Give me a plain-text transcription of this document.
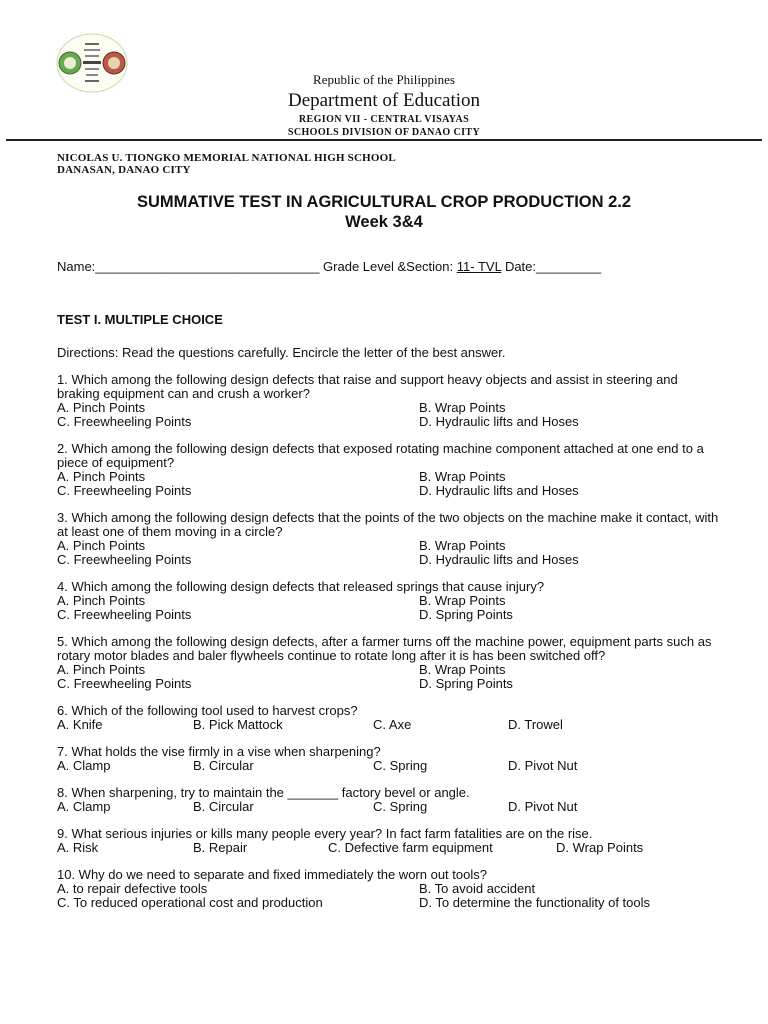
Republic of the Philippines
Department of Education
REGION VII - CENTRAL VISAYAS
SCHOOLS DIVISION OF DANAO CITY
NICOLAS U. TIONGKO MEMORIAL NATIONAL HIGH SCHOOL
DANASAN, DANAO CITY
SUMMATIVE TEST IN AGRICULTURAL CROP PRODUCTION 2.2
Week 3&4
Name:_______________________________ Grade Level &Section: 11- TVL Date:_________
TEST I. MULTIPLE CHOICE
Directions: Read the questions carefully. Encircle the letter of the best answer.
1. Which among the following design defects that raise and support heavy objects and assist in steering and braking equipment can and crush a worker?
A. Pinch Points	B. Wrap Points
C. Freewheeling Points	D. Hydraulic lifts and Hoses
2. Which among the following design defects that exposed rotating machine component attached at one end to a piece of equipment?
A. Pinch Points	B. Wrap Points
C. Freewheeling Points	D. Hydraulic lifts and Hoses
3. Which among the following design defects that the points of the two objects on the machine make it contact, with at least one of them moving in a circle?
A. Pinch Points	B. Wrap Points
C. Freewheeling Points	D. Hydraulic lifts and Hoses
4. Which among the following design defects that released springs that cause injury?
A. Pinch Points	B. Wrap Points
C. Freewheeling Points	D. Spring Points
5. Which among the following design defects, after a farmer turns off the machine power, equipment parts such as rotary motor blades and baler flywheels continue to rotate long after it is has been switched off?
A. Pinch Points	B. Wrap Points
C. Freewheeling Points	D. Spring Points
6. Which of the following tool used to harvest crops?
A. Knife	B. Pick Mattock	C. Axe	D. Trowel
7. What holds the vise firmly in a vise when sharpening?
A. Clamp	B. Circular	C. Spring	D. Pivot Nut
8. When sharpening, try to maintain the _______ factory bevel or angle.
A. Clamp	B. Circular	C. Spring	D. Pivot Nut
9. What serious injuries or kills many people every year? In fact farm fatalities are on the rise.
A. Risk	B. Repair	C. Defective farm equipment	D. Wrap Points
10. Why do we need to separate and fixed immediately the worn out tools?
A. to repair defective tools	B. To avoid accident
C. To reduced operational cost and production	D. To determine the functionality of tools
